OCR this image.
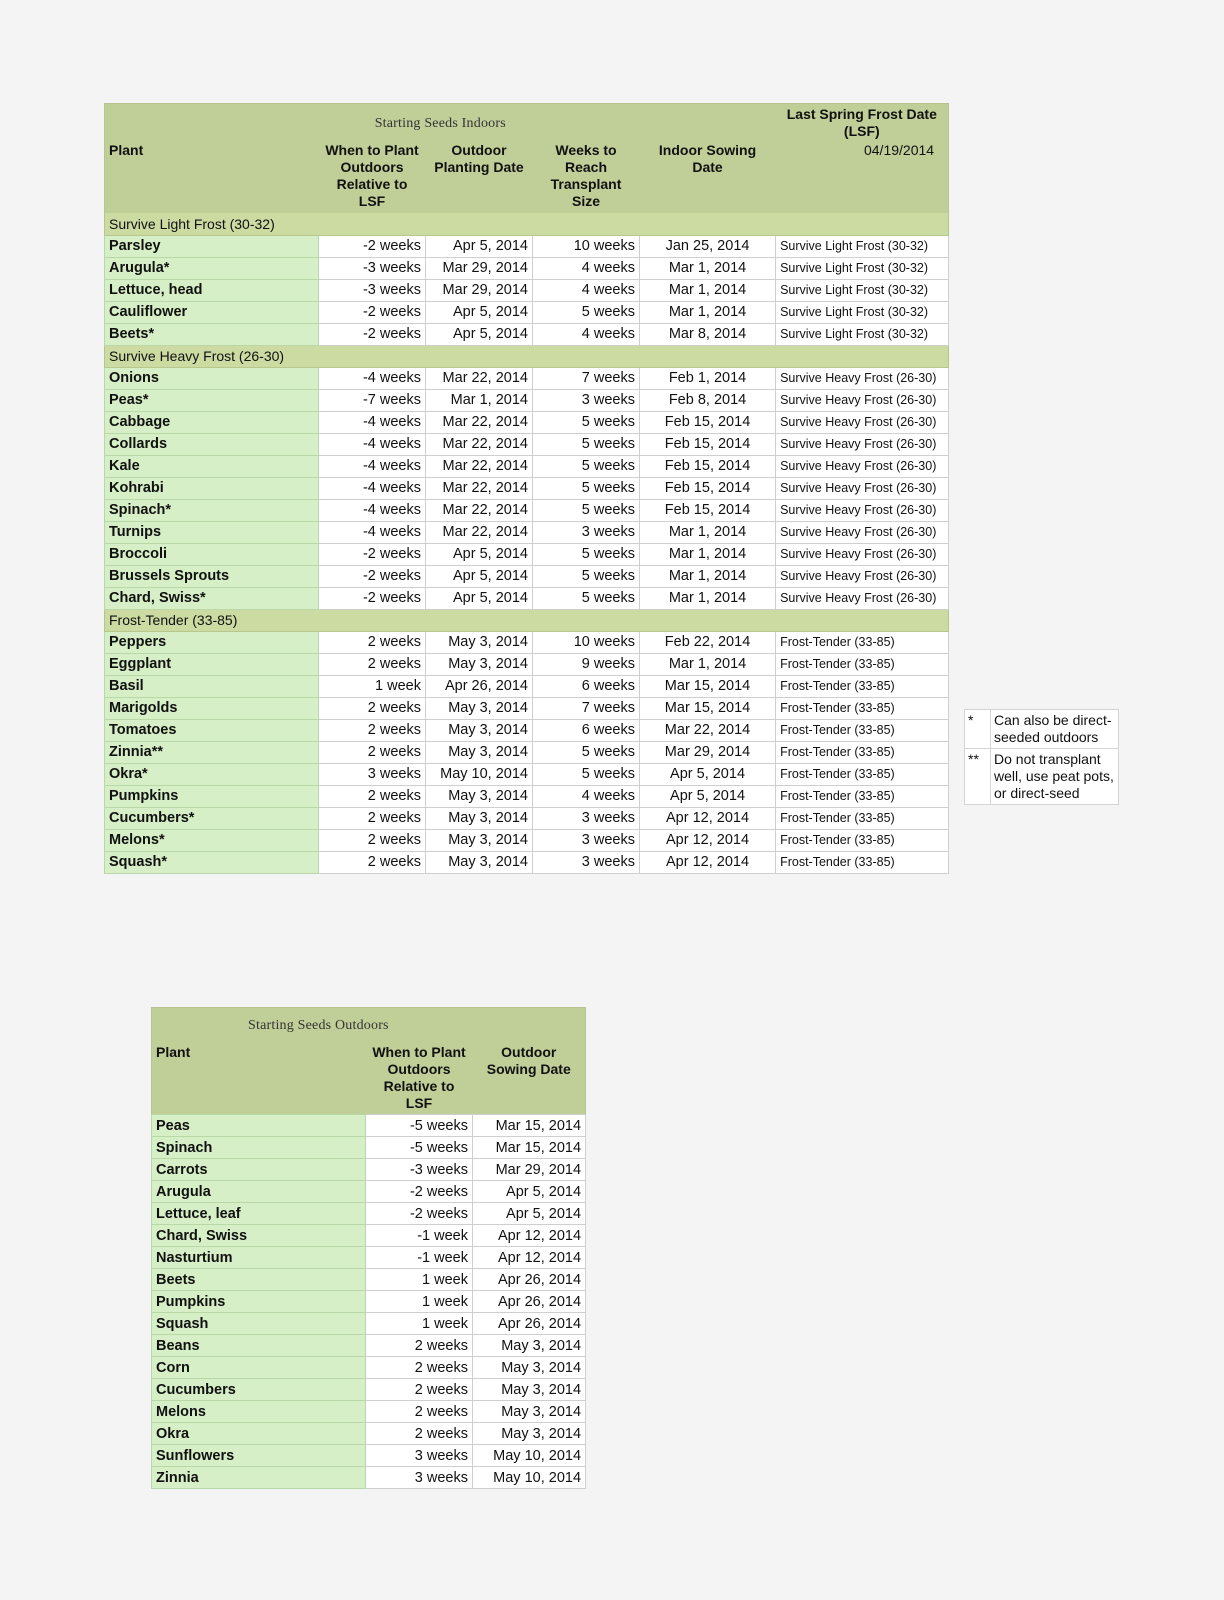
Starting Seeds Indoors					Last Spring Frost Date (LSF)
Plant	When to Plant Outdoors Relative to LSF	Outdoor Planting Date	Weeks to Reach Transplant Size	Indoor Sowing Date	04/19/2014
Survive Light Frost (30-32)					
Parsley	-2 weeks	Apr 5, 2014	10 weeks	Jan 25, 2014	Survive Light Frost (30-32)
Arugula*	-3 weeks	Mar 29, 2014	4 weeks	Mar 1, 2014	Survive Light Frost (30-32)
Lettuce, head	-3 weeks	Mar 29, 2014	4 weeks	Mar 1, 2014	Survive Light Frost (30-32)
Cauliflower	-2 weeks	Apr 5, 2014	5 weeks	Mar 1, 2014	Survive Light Frost (30-32)
Beets*	-2 weeks	Apr 5, 2014	4 weeks	Mar 8, 2014	Survive Light Frost (30-32)
Survive Heavy Frost (26-30)					
Onions	-4 weeks	Mar 22, 2014	7 weeks	Feb 1, 2014	Survive Heavy Frost (26-30)
Peas*	-7 weeks	Mar 1, 2014	3 weeks	Feb 8, 2014	Survive Heavy Frost (26-30)
Cabbage	-4 weeks	Mar 22, 2014	5 weeks	Feb 15, 2014	Survive Heavy Frost (26-30)
Collards	-4 weeks	Mar 22, 2014	5 weeks	Feb 15, 2014	Survive Heavy Frost (26-30)
Kale	-4 weeks	Mar 22, 2014	5 weeks	Feb 15, 2014	Survive Heavy Frost (26-30)
Kohrabi	-4 weeks	Mar 22, 2014	5 weeks	Feb 15, 2014	Survive Heavy Frost (26-30)
Spinach*	-4 weeks	Mar 22, 2014	5 weeks	Feb 15, 2014	Survive Heavy Frost (26-30)
Turnips	-4 weeks	Mar 22, 2014	3 weeks	Mar 1, 2014	Survive Heavy Frost (26-30)
Broccoli	-2 weeks	Apr 5, 2014	5 weeks	Mar 1, 2014	Survive Heavy Frost (26-30)
Brussels Sprouts	-2 weeks	Apr 5, 2014	5 weeks	Mar 1, 2014	Survive Heavy Frost (26-30)
Chard, Swiss*	-2 weeks	Apr 5, 2014	5 weeks	Mar 1, 2014	Survive Heavy Frost (26-30)
Frost-Tender (33-85)					
Peppers	2 weeks	May 3, 2014	10 weeks	Feb 22, 2014	Frost-Tender (33-85)
Eggplant	2 weeks	May 3, 2014	9 weeks	Mar 1, 2014	Frost-Tender (33-85)
Basil	1 week	Apr 26, 2014	6 weeks	Mar 15, 2014	Frost-Tender (33-85)
Marigolds	2 weeks	May 3, 2014	7 weeks	Mar 15, 2014	Frost-Tender (33-85)
Tomatoes	2 weeks	May 3, 2014	6 weeks	Mar 22, 2014	Frost-Tender (33-85)
Zinnia**	2 weeks	May 3, 2014	5 weeks	Mar 29, 2014	Frost-Tender (33-85)
Okra*	3 weeks	May 10, 2014	5 weeks	Apr 5, 2014	Frost-Tender (33-85)
Pumpkins	2 weeks	May 3, 2014	4 weeks	Apr 5, 2014	Frost-Tender (33-85)
Cucumbers*	2 weeks	May 3, 2014	3 weeks	Apr 12, 2014	Frost-Tender (33-85)
Melons*	2 weeks	May 3, 2014	3 weeks	Apr 12, 2014	Frost-Tender (33-85)
Squash*	2 weeks	May 3, 2014	3 weeks	Apr 12, 2014	Frost-Tender (33-85)
*	Can also be direct-seeded outdoors
**	Do not transplant well, use peat pots, or direct-seed
Starting Seeds Outdoors		
Plant	When to Plant Outdoors Relative to LSF	Outdoor Sowing Date
Peas	-5 weeks	Mar 15, 2014
Spinach	-5 weeks	Mar 15, 2014
Carrots	-3 weeks	Mar 29, 2014
Arugula	-2 weeks	Apr 5, 2014
Lettuce, leaf	-2 weeks	Apr 5, 2014
Chard, Swiss	-1 week	Apr 12, 2014
Nasturtium	-1 week	Apr 12, 2014
Beets	1 week	Apr 26, 2014
Pumpkins	1 week	Apr 26, 2014
Squash	1 week	Apr 26, 2014
Beans	2 weeks	May 3, 2014
Corn	2 weeks	May 3, 2014
Cucumbers	2 weeks	May 3, 2014
Melons	2 weeks	May 3, 2014
Okra	2 weeks	May 3, 2014
Sunflowers	3 weeks	May 10, 2014
Zinnia	3 weeks	May 10, 2014
